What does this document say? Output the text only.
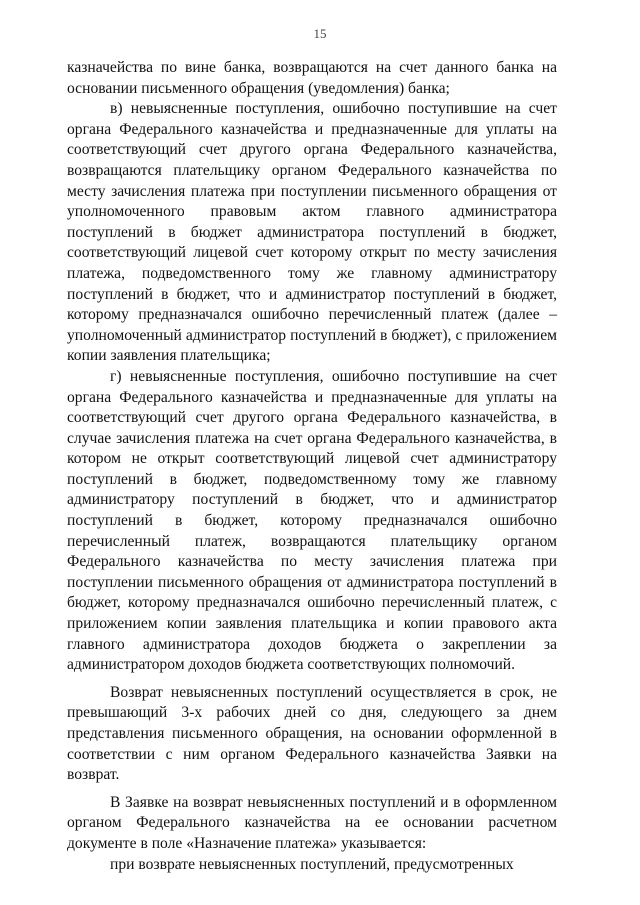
15

казначейства по вине банка, возвращаются на счет данного банка на основании письменного обращения (уведомления) банка;

в) невыясненные поступления, ошибочно поступившие на счет органа Федерального казначейства и предназначенные для уплаты на соответствующий счет другого органа Федерального казначейства, возвращаются плательщику органом Федерального казначейства по месту зачисления платежа при поступлении письменного обращения от уполномоченного правовым актом главного администратора поступлений в бюджет администратора поступлений в бюджет, соответствующий лицевой счет которому открыт по месту зачисления платежа, подведомственного тому же главному администратору поступлений в бюджет, что и администратор поступлений в бюджет, которому предназначался ошибочно перечисленный платеж (далее – уполномоченный администратор поступлений в бюджет), с приложением копии заявления плательщика;

г) невыясненные поступления, ошибочно поступившие на счет органа Федерального казначейства и предназначенные для уплаты на соответствующий счет другого органа Федерального казначейства, в случае зачисления платежа на счет органа Федерального казначейства, в котором не открыт соответствующий лицевой счет администратору поступлений в бюджет, подведомственному тому же главному администратору поступлений в бюджет, что и администратор поступлений в бюджет, которому предназначался ошибочно перечисленный платеж, возвращаются плательщику органом Федерального казначейства по месту зачисления платежа при поступлении письменного обращения от администратора поступлений в бюджет, которому предназначался ошибочно перечисленный платеж, с приложением копии заявления плательщика и копии правового акта главного администратора доходов бюджета о закреплении за администратором доходов бюджета соответствующих полномочий.

Возврат невыясненных поступлений осуществляется в срок, не превышающий 3-х рабочих дней со дня, следующего за днем представления письменного обращения, на основании оформленной в соответствии с ним органом Федерального казначейства Заявки на возврат.

В Заявке на возврат невыясненных поступлений и в оформленном органом Федерального казначейства на ее основании расчетном документе в поле «Назначение платежа» указывается:

при возврате невыясненных поступлений, предусмотренных
